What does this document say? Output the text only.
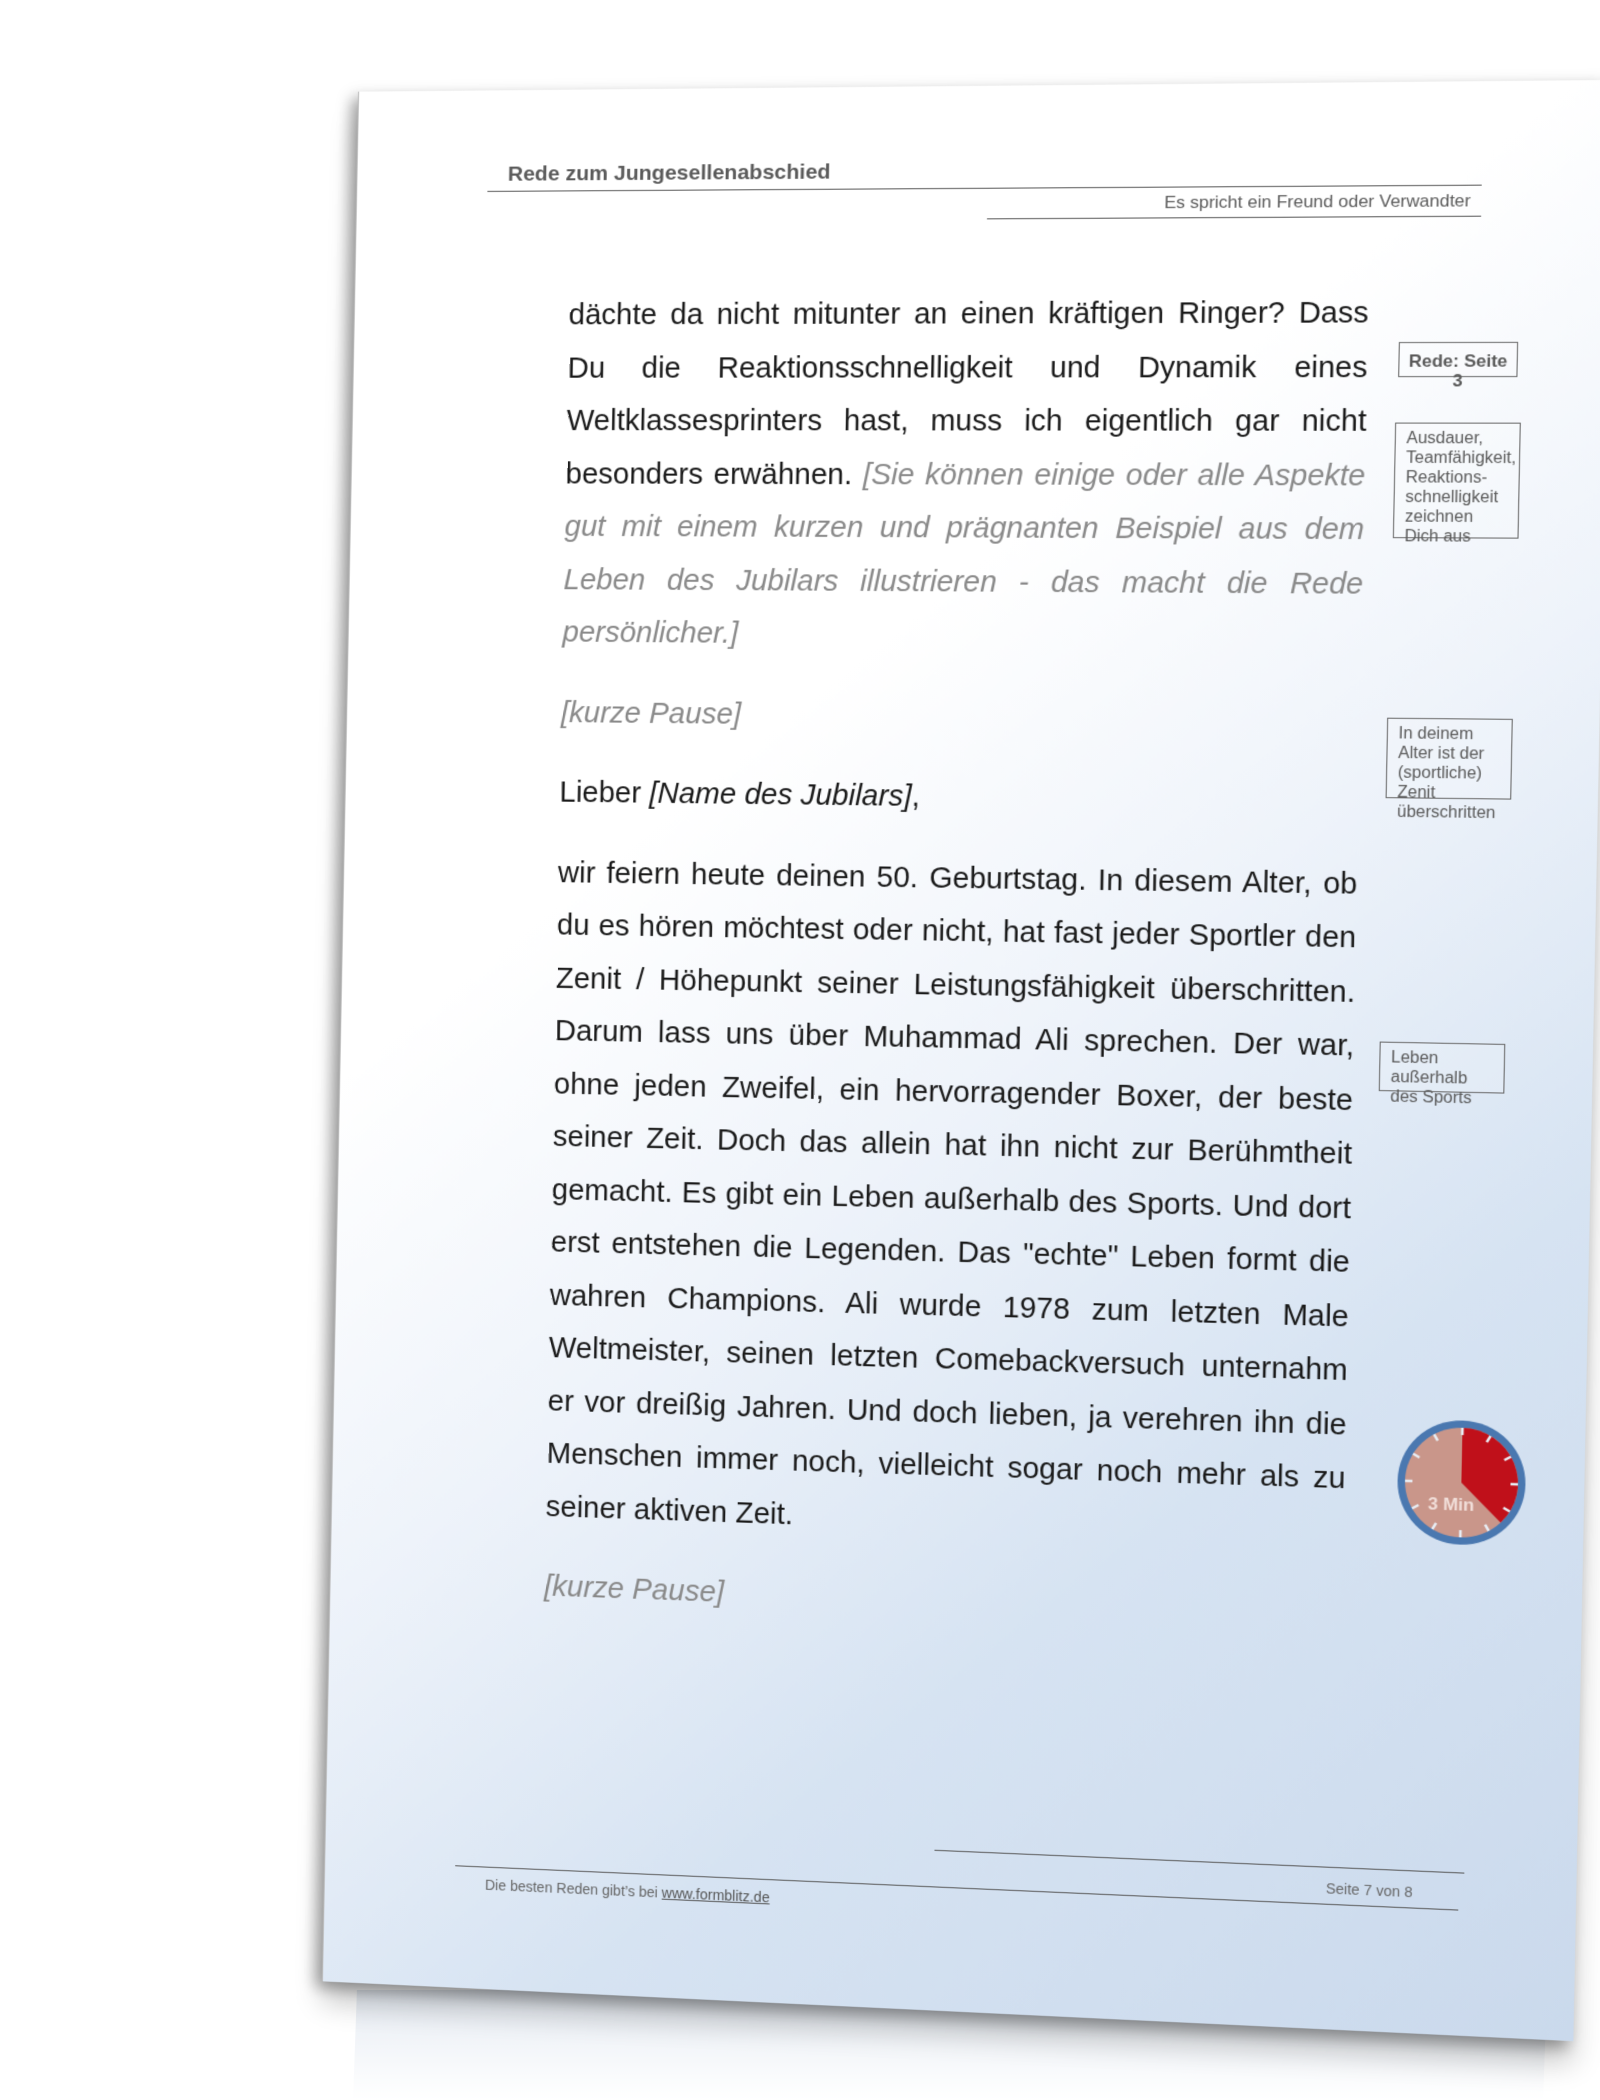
Rede zum Jungesellenabschied
Es spricht ein Freund oder Verwandter

dächte da nicht mitunter an einen kräftigen Ringer? Dass Du die Reaktionsschnelligkeit und Dynamik eines Weltklassesprinters hast, muss ich eigentlich gar nicht besonders erwähnen. [Sie können einige oder alle Aspekte gut mit einem kurzen und prägnanten Beispiel aus dem Leben des Jubilars illustrieren - das macht die Rede persönlicher.]

[kurze Pause]

Lieber [Name des Jubilars],

wir feiern heute deinen 50. Geburtstag. In diesem Alter, ob du es hören möchtest oder nicht, hat fast jeder Sportler den Zenit / Höhepunkt seiner Leistungsfähigkeit überschritten. Darum lass uns über Muhammad Ali sprechen. Der war, ohne jeden Zweifel, ein hervorragender Boxer, der beste seiner Zeit. Doch das allein hat ihn nicht zur Berühmtheit gemacht. Es gibt ein Leben außerhalb des Sports. Und dort erst entstehen die Legenden. Das "echte" Leben formt die wahren Champions. Ali wurde 1978 zum letzten Male Weltmeister, seinen letzten Comebackversuch unternahm er vor dreißig Jahren. Und doch lieben, ja verehren ihn die Menschen immer noch, vielleicht sogar noch mehr als zu seiner aktiven Zeit.

[kurze Pause]

Rede: Seite 3
Ausdauer, Teamfähigkeit, Reaktions-schnelligkeit zeichnen Dich aus
In deinem Alter ist der (sportliche) Zenit überschritten
Leben außerhalb des Sports
3 Min
Seite 7 von 8
Die besten Reden gibt’s bei www.formblitz.de
